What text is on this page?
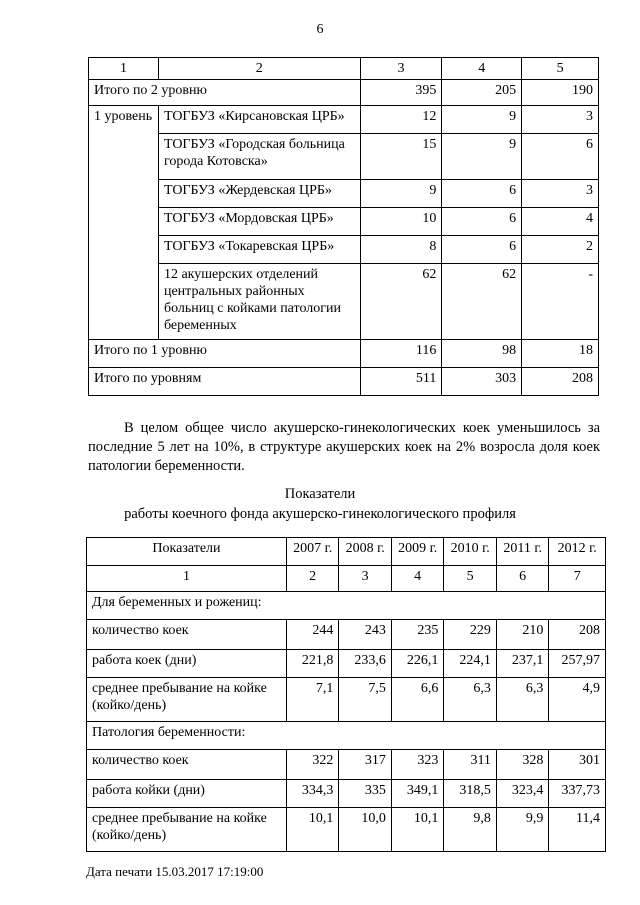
6
1	2	3	4	5
Итого по 2 уровню		395	205	190
1 уровень	ТОГБУЗ «Кирсановская ЦРБ»	12	9	3
	ТОГБУЗ «Городская больница города Котовска»	15	9	6
	ТОГБУЗ «Жердевская ЦРБ»	9	6	3
	ТОГБУЗ «Мордовская ЦРБ»	10	6	4
	ТОГБУЗ «Токаревская ЦРБ»	8	6	2
	12 акушерских отделений центральных районных больниц с койками патологии беременных	62	62	-
Итого по 1 уровню		116	98	18
Итого по уровням		511	303	208
В целом общее число акушерско-гинекологических коек уменьшилось за последние 5 лет на 10%, в структуре акушерских коек на 2% возросла доля коек патологии беременности.
Показатели
работы коечного фонда акушерско-гинекологического профиля
Показатели	2007 г.	2008 г.	2009 г.	2010 г.	2011 г.	2012 г.
1	2	3	4	5	6	7
Для беременных и рожениц:						
количество коек	244	243	235	229	210	208
работа коек (дни)	221,8	233,6	226,1	224,1	237,1	257,97
среднее пребывание на койке (койко/день)	7,1	7,5	6,6	6,3	6,3	4,9
Патология беременности:						
количество коек	322	317	323	311	328	301
работа койки (дни)	334,3	335	349,1	318,5	323,4	337,73
среднее пребывание на койке (койко/день)	10,1	10,0	10,1	9,8	9,9	11,4
Дата печати 15.03.2017 17:19:00
